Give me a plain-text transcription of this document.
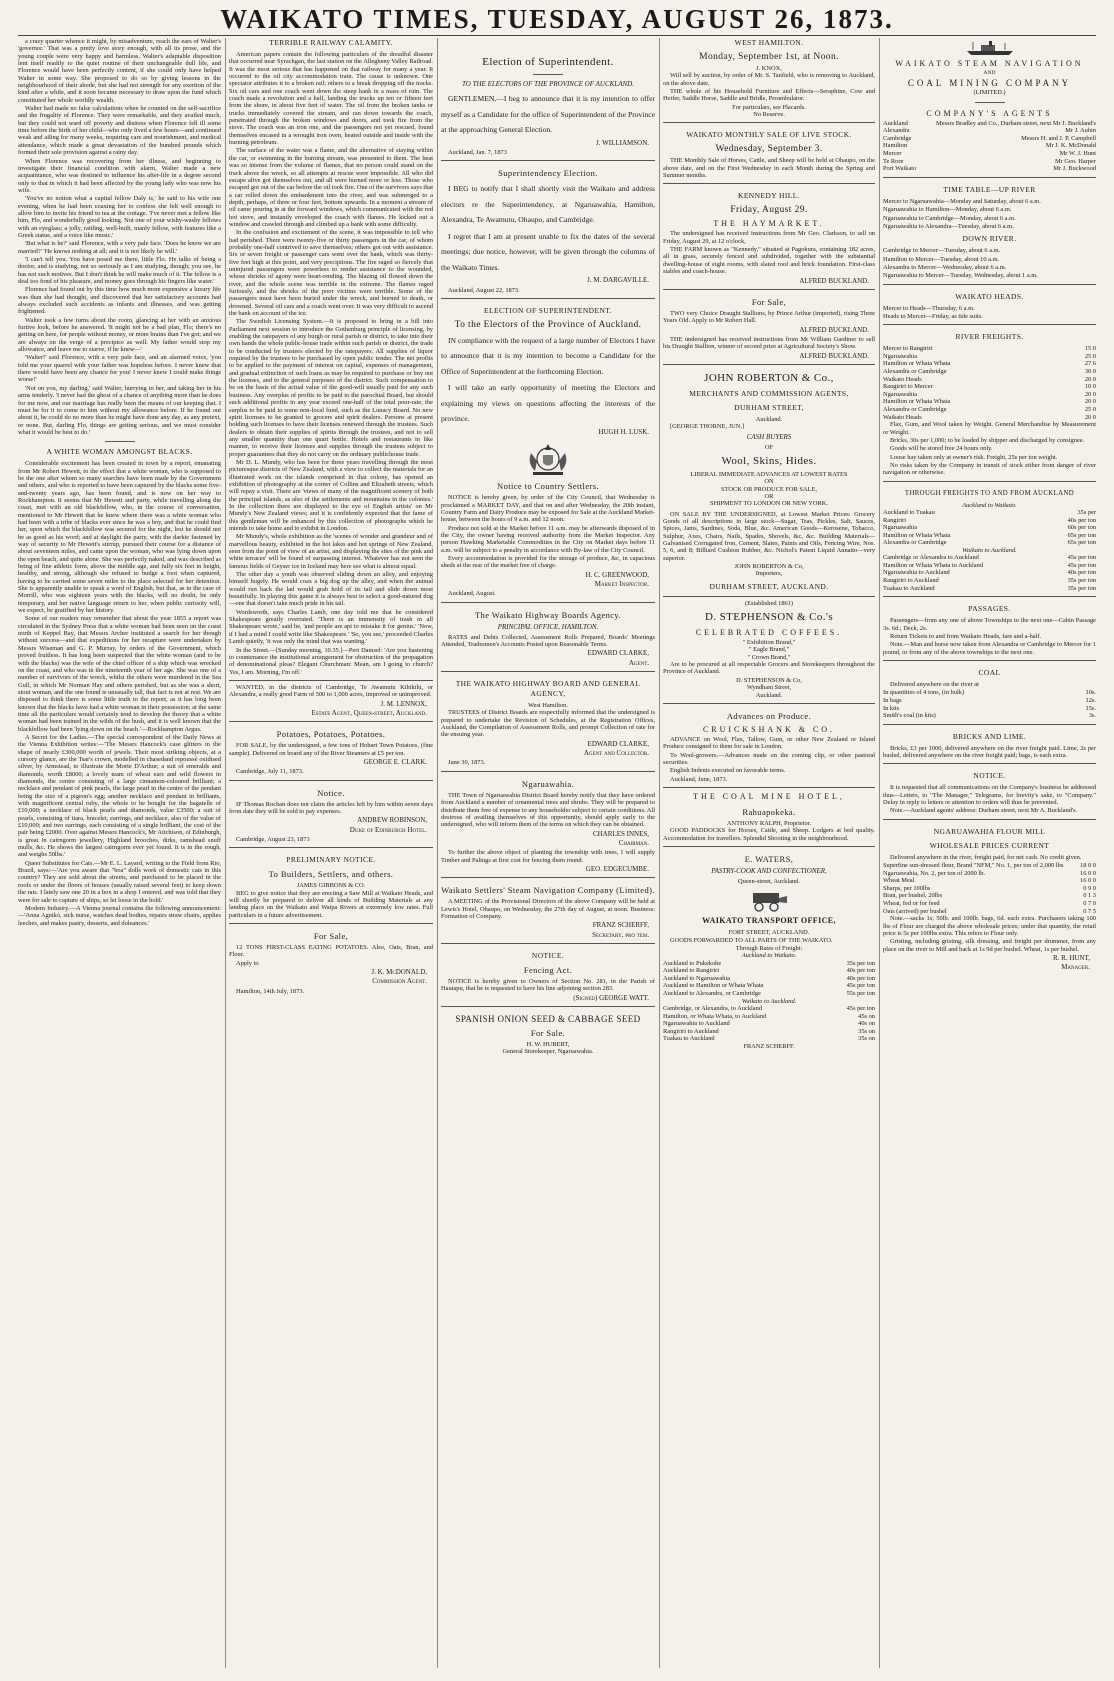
WAIKATO TIMES, TUESDAY, AUGUST 26, 1873.

a crazy quarter whence it might, by misadventure, reach the ears of Walter's 'governor.' That was a pretty love story enough, with all its prose, and the young couple were very happy and harmless. Walter's adaptable disposition lent itself readily to the quiet routine of their unchangeable dull life, and Florence would have been perfectly content, if she could only have helped Walter in some way. She proposed to do so by giving lessons in the neighbourhood of their abode, but she had not strength for any exertion of the kind after a while, and it soon became necessary to draw upon the fund which constituted her whole worldly wealth.

Walter had made no false calculations when he counted on the self-sacrifice and the frugality of Florence. They were remarkable, and they availed much, but they could not ward off poverty and distress when Florence fell ill some time before the birth of her child—who only lived a few hours—and continued weak and ailing for many weeks, requiring care and nourishment, and medical attendance, which made a great devastation of the hundred pounds which formed their sole provision against a rainy day.

When Florence was recovering from her illness, and beginning to investigate their financial condition with alarm, Walter made a new acquaintance, who was destined to influence his after-life in a degree second only to that in which it had been affected by the young lady who was now his wife.

'You've no notion what a capital fellow Daly is,' he said to his wife one evening, when he had been coaxing her to confess she felt well enough to allow him to invite his friend to tea at the cottage. 'I've never met a fellow like him, Flo, and wonderfully good looking. Not one of your wishy-washy fellows with an eyeglass; a jolly, rattling, well-built, manly fellow, with features like a Greek statue, and a voice like music.'

'But what is he?' said Florence, with a very pale face. 'Does he know we are married?' 'He knows nothing at all; and it is not likely he will.'

'I can't tell you. You have posed me there, little Flo. He talks of being a doctor, and is studying, not so seriously as I am studying, though; you see, he has not such motives. But I don't think he will make much of it. The fellow is a deal too fond of his pleasure, and money goes through his fingers like water.'

Florence had found out by this time how much more expensive a luxury life was than she had thought, and discovered that her satisfactory accounts had always excluded such accidents as infants and illnesses, and was getting frightened.

Walter took a few turns about the room, glancing at her with an anxious furtive look, before he answered. 'It might not be a bad plan, Flo; there's no getting on here, for people without money, or more brains than I've got; and we are always on the verge of a precipice as well. My father would stop my allowance, and leave me to starve, if he knew—'

'Walter!' said Florence, with a very pale face, and an alarmed voice, 'you told me your quarrel with your father was hopeless before. I never knew that there would have been any chance for you! I never knew I could make things worse!'

'Not on you, my darling,' said Walter, hurrying to her, and taking her in his arms tenderly. 'I never had the ghost of a chance of anything more than he does for me now, and our marriage has really been the means of our keeping that. I must be for it to come to him without my allowance before. If he found out about it, he could do no more than he might have done any day, as any pretext, or none. But, darling Flo, things are getting serious, and we must consider what it would be best to do.'

A WHITE WOMAN AMONGST BLACKS.

Considerable excitement has been created in town by a report, emanating from Mr Robert Hewett, to the effect that a white woman, who is supposed to be the one after whom so many searches have been made by the Government and others, and who is reported to have been captured by the blacks some five-and-twenty years ago, has been found, and is now on her way to Rockhampton. It seems that Mr Hewett and party, while travelling along the coast, met with an old blackfellow, who, in the course of conversation, mentioned to Mr Hewett that he knew where there was a white woman who had been with a tribe of blacks ever since he was a boy, and that he could find her, upon which the blackfellow was secured for the night, lest he should not be as good as his word; and at daylight the party, with the darkie fastened by way of security to Mr Hewett's stirrup, pursued their course for a distance of about seventeen miles, and came upon the woman, who was lying down upon the open beach, and quite alone. She was perfectly naked, and was described as being of fine athletic form, above the middle age, and fully six feet in height, healthy, and strong, although she refused to budge a foot when captured, having to be carried some seven miles to the place selected for her detention. She is apparently unable to speak a word of English, but that, as in the case of Morrill, who was eighteen years with the blacks, will no doubt, be only temporary, and her native language return to her, when public curiosity will, we expect, be gratified by her history.

Some of our readers may remember that about the year 1855 a report was circulated in the Sydney Press that a white woman had been seen on the coast north of Keppel Bay, that Messrs Archer instituted a search for her though without success—and that expeditions for her recapture were undertaken by Messrs Wiseman and G. P. Murray, by orders of the Government, which proved fruitless. It has long been suspected that the white woman (and to be with the blacks) was the wife of the chief officer of a ship which was wrecked on the coast, and who was in the nineteenth year of her age. She was one of a number of survivors of the wreck, whilst the others were murdered in the Sea Gull, in which Mr Norman Hay and others perished, but as she was a short, stout woman, and the one found is unusually tall, that fact is not at rest. We are disposed to think there is some little truth to the report, as it has long been known that the blacks have had a white woman in their possession; at the same time all the particulars would certainly tend to develop the theory that a white woman had been trained in the wilds of the bush, and it is well known that the blackfellow had been 'lying down on the beach.'—Rockhampton Argus.

A Secret for the Ladies.—The special correspondent of the Daily News at the Vienna Exhibition writes:—'The Messrs Hancock's case glitters in the shape of nearly £300,000 worth of jewels. Their most striking objects, at a cursory glance, are the Tsar's crown, modelled in chasedand repoussé oxidised silver, by Armstead, to illustrate the Morte D'Arthur; a suit of emeralds and diamonds, worth £8000; a lovely team of wheat ears and wild flowers in diamonds, the centre consisting of a large cinnamon-coloured brilliant; a necklace and pendant of pink pearls, the large pearl in the centre of the pendant being the size of a pigeon's egg; another necklace and pendant in brilliants, with magnificent central ruby, the whole to be bought for the bagatelle of £10,000; a necklace of black pearls and diamonds, value £3500; a suit of pearls, consisting of tiara, bracelet, earrings, and necklace, also of the value of £10,000; and two earrings, each consisting of a single brilliant, the cost of the pair being £2000. Over against Messrs Hancock's, Mr Aitchison, of Edinburgh, is great in cairngorm jewellery, Highland brooches, dirks, ramshead snuff mulls, &c. He shows the largest cairngorm ever yet found. It is in the rough, and weighs 50lbs.'

Queer Substitutes for Cats.—Mr E. L. Layard, writing to the Field from Rio, Brazil, says:—'Are you aware that "boa" dolls work of domestic cats in this country? They are sold about the streets, and purchased to be placed in the roofs or under the floors of houses (usually raised several feet) to keep down the rats. I lately saw one 20 in a box in a shop I entered, and was told that they were for sale to capture of ships, so let loose in the hold.'

Modern Industry.—A Vienna journal contains the following announcement:—'Anna Agnikó, sick nurse, watches dead bodies, repairs straw chairs, applies leeches, and makes pastry, desserts, and doleances.'

TERRIBLE RAILWAY CALAMITY.

American papers contain the following particulars of the dreadful disaster that occurred near Syrachgan, the last station on the Allegheny Valley Railroad. It was the most serious that has happened on that railway for many a year. It occurred to the oil city accommodation train. The cause is unknown. One spectator attributes it to a broken rail; others to a break dropping off the tracks. Six oil cars and one coach went down the steep bank in a mass of ruin. The coach made a revolution and a half, landing the trucks up ten or fifteen feet from the shore, in about five feet of water. The oil from the broken tanks or trucks immediately covered the stream, and ran down towards the coach, penetrated through the broken windows and doors, and took fire from the stove. The coach was an iron one, and the passengers not yet rescued, found themselves encased in a wrought iron oven, heated outside and inside with the burning petroleum.

The surface of the water was a flame, and the alternative of staying within the car, or swimming in the burning stream, was presented to them. The heat was so intense from the volume of flames, that no person could stand on the track above the wreck, so all attempts at rescue were impossible. All who did escape alive got themselves out, and all were burned more or less. Those who escaped got out of the car before the oil took fire. One of the survivors says that a car rolled down the embankment into the river, and was submerged to a depth, perhaps, of three or four feet, bottom upwards. In a moment a stream of oil came pouring in at the forward windows, which communicated with the red hot stove, and instantly enveloped the coach with flames. He kicked out a window and crawled through and climbed up a bank with some difficulty.

In the confusion and excitement of the scene, it was impossible to tell who had perished. There were twenty-five or thirty passengers in the car, of whom probably one-half contrived to save themselves; others got out with assistance. Six or seven freight or passenger cars went over the bank, which was thirty-five feet high at this point, and very precipitous. The fire raged so fiercely that uninjured passengers were powerless to render assistance to the wounded, whose shrieks of agony were heart-rending. The blazing oil flowed down the river, and the whole scene was terrible in the extreme. The flames raged furiously, and the shrieks of the poor victims were terrible. Some of the passengers must have been buried under the wreck, and burned to death, or drowned. Several oil cars and a coach went over. It was very difficult to ascend the bank on account of the ice.

The Swedish Licensing System.—It is proposed to bring in a bill into Parliament next session to introduce the Gothenburg principle of licensing, by enabling the ratepayers of any burgh or rural parish or district, to take into their own hands the whole public-house trade within such parish or district, the trade to be conducted by trustees elected by the ratepayers. All supplies of liquor required by the trustees to be purchased by open public tender. The net profits to be applied to the payment of interest on capital, expenses of management, and gradual extinction of such loans as may be required to purchase or buy out the licenses, and to the general purposes of the district. Such compensation to be on the basis of the actual value of the good-will usually paid for any such business. Any overplus of profits to be paid to the parochial Board, but should such additional profits in any year exceed one-half of the total poor-rate, the surplus to be paid to some non-local fund, such as the Lunacy Board. No new spirit licenses to be granted to grocers and spirit dealers. Persons at present holding such licenses to have their licenses renewed through the trustees. Such dealers to obtain their supplies of spirits through the trustees, and not to sell any smaller quantity than one quart bottle. Hotels and restaurants in like manner, to receive their licenses and supplies through the trustees subject to proper guarantees that they do not carry on the ordinary publichouse trade.

Mr D. L. Mundy, who has been for three years travelling through the most picturesque districts of New Zealand, with a view to collect the materials for an illustrated work on the islands comprised in that colony, has opened an exhibition of photography at the corner of Collins and Elizabeth streets, which will repay a visit. There are 'views of many of the magnificent scenery of both the principal islands, as also of the settlements and mountains in the colonies.' In the collection there are displayed to the eye of English artists' on Mr Mundy's New Zealand views; and it is confidently expected that the fame of this gentleman will be enhanced by this collection of photographs which he intends to take home and to exhibit in London.

Mr Mundy's, whole exhibition as the 'scenes of wonder and grandeur and of marvellous beauty, exhibited in the hot lakes and hot springs of New Zealand, seen from the point of view of an artist, and displaying the sites of the pink and white terraces' will be found of surpassing interest. Whatever has not seen the famous fields of Geyser ice in Iceland may here see what is almost equal.

The other day a youth was observed sliding down an alley, and enjoying himself hugely. He would coax a big dog up the alley, and when the animal would run back the lad would grab hold of its tail and slide down most beautifully. In playing this game it is always best to select a good-natured dog—one that doesn't take much pride in his tail.

Wordsworth, says Charles Lamb, one day told me that he considered Shakespeare greatly overrated. 'There is an immensity of trash in all Shakespeare wrote,' said he, 'and people are apt to mistake it for genius.' 'Now, if I had a mind I could write like Shakespeare.' 'So, you see,' proceeded Charles Lamb quietly, 'it was only the mind that was wanting.'

In the Street.—[Sunday morning, 10.35.]—Pert Damsel: 'Are you hastening to countenance the institutional arrangement for obstruction of the propagation of denominational pleas? Elegant Churchman: Mean, am I going to church? Yes, I am. Morning, I'm off.'

WANTED, in the districts of Cambridge, Te Awamutu Kihikihi, or Alexandra, a really good Farm of 500 to 1,000 acres, improved or unimproved.

J. M. LENNOX,
Estate Agent, Queen-street, Auckland.
Potatoes, Potatoes, Potatoes.

FOR SALE, by the undersigned, a few tons of Hobart Town Potatoes, (fine sample). Delivered on board any of the River Steamers at £5 per ton.

GEORGE E. CLARK.

Cambridge, July 11, 1873.

Notice.

IF Thomas Rochan does not claim the articles left by him within seven days from date they will be sold to pay expenses.

ANDREW ROBINSON,
Duke of Edinburgh Hotel.

Cambridge, August 23, 1873

PRELIMINARY NOTICE.
To Builders, Settlers, and others.
JAMES GIBBONS & CO.

BEG to give notice that they are erecting a Saw Mill at Waikato Heads, and will shortly be prepared to deliver all kinds of Building Materials at any landing place on the Waikato and Waipa Rivers at extremely low rates. Full particulars in a future advertisement.

For Sale,

12 TONS FIRST-CLASS EATING POTATOES. Also, Oats, Bran, and Flour.

Apply to

J. K. McDONALD,
Commission Agent.

Hamilton, 14th July, 1873.

Election of Superintendent.
TO THE ELECTORS OF THE PROVINCE OF AUCKLAND.

GENTLEMEN,—I beg to announce that it is my intention to offer myself as a Candidate for the office of Superintendent of the Province at the approaching General Election.

J. WILLIAMSON.

Auckland, Jan. 7, 1873

Superintendency Election.

I BEG to notify that I shall shortly visit the Waikato and address electors re the Superintendency, at Ngaruawahia, Hamilton, Alexandra, Te Awamutu, Ohaupo, and Cambridge.

I regret that I am at present unable to fix the dates of the several meetings; due notice, however, will be given through the columns of the Waikato Times.

J. M. DARGAVILLE.

Auckland, August 22, 1873.

ELECTION OF SUPERINTENDENT.
To the Electors of the Province of Auckland.

IN compliance with the request of a large number of Electors I have to announce that it is my intention to become a Candidate for the Office of Superintendent at the forthcoming Election.

I will take an early opportunity of meeting the Electors and explaining my views on questions affecting the interests of the province.

HUGH H. LUSK.
Notice to Country Settlers.

NOTICE is hereby given, by order of the City Council, that Wednesday is proclaimed a MARKET DAY, and that on and after Wednesday, the 20th instant, Country Farm and Dairy Produce may be exposed for Sale at the Auckland Market-house, between the hours of 9 a.m. and 12 noon.

Produce not sold at the Market before 11 a.m. may be afterwards disposed of in the City, the owner having received authority from the Market Inspector. Any person Hawking Marketable Commodities in the City on Market days before 11 a.m. will be subject to a penalty in accordance with By-law of the City Council.

Every accommodation is provided for the storage of produce, &c, in capacious sheds at the rear of the market free of charge.

H. C. GREENWOOD,
Market Inspector.

Auckland, August.

The Waikato Highway Boards Agency.
PRINCIPAL OFFICE, HAMILTON.

RATES and Debts Collected, Assessment Rolls Prepared, Boards' Meetings Attended, Tradesmen's Accounts Posted upon Reasonable Terms.

EDWARD CLARKE,
Agent.
THE WAIKATO HIGHWAY BOARD AND GENERAL AGENCY,
West Hamilton.

TRUSTEES of District Boards are respectfully informed that the undersigned is prepared to undertake the Revision of Schedules, at the Registration Offices, Auckland, the Compilation of Assessment Rolls, and prompt Collection of rate for the ensuing year.

EDWARD CLARKE,
Agent and Collector.

June 30, 1873.

Ngaruawahia.

THE Town of Ngaruawahia District Board hereby notify that they have ordered from Auckland a number of ornamental trees and shrubs. They will be prepared to distribute them free of expense to any householder subject to certain conditions. All desirous of availing themselves of this opportunity, should apply early to the undersigned, who will inform them of the terms on which they can be obtained.

CHARLES INNES,
Chairman.

To further the above object of planting the township with trees, I will supply Timber and Palings at first cost for fencing them round.

GEO. EDGECUMBE.
Waikato Settlers' Steam Navigation Company (Limited).

A MEETING of the Provisional Directors of the above Company will be held at Lewis's Hotel, Ohaupo, on Wednesday, the 27th day of August, at noon. Business: Formation of Company.

FRANZ SCHERFF,
Secretary, pro tem.
NOTICE.
Fencing Act.

NOTICE is hereby given to Owners of Section No. 281, in the Parish of Hautapu, that he is requested to have his line adjoining section 283.

(Signed) GEORGE WATT.
SPANISH ONION SEED & CABBAGE SEED
For Sale.
H. W. HUBERT,
General Storekeeper, Ngaruawahia.
WEST HAMILTON.
Monday, September 1st, at Noon.
J. KNOX,

Will sell by auction, by order of Mr. S. Tanfield, who is removing to Auckland, on the above date,

THE whole of his Household Furniture and Effects—Seraphine, Cow and Heifer, Saddle Horse, Saddle and Bridle, Perambulator.

For particulars, see Placards.
No Reserve.
WAIKATO MONTHLY SALE OF LIVE STOCK.
Wednesday, September 3.

THE Monthly Sale of Horses, Cattle, and Sheep will be held at Ohaupo, on the above date, and on the First Wednesday in each Month during the Spring and Summer months.

KENNEDY HILL.
Friday, August 29.
THE HAYMARKET.

The undersigned has received instructions from Mr Geo. Clarkson, to sell on Friday, August 29, at 12 o'clock,

THE FARM known as "Kennedy," situated at Pagokura, containing 182 acres, all in grass, securely fenced and subdivided, together with the substantial dwelling-house of eight rooms, with slated roof and brick foundation. First-class stables and coach-house.

ALFRED BUCKLAND.
For Sale,

TWO very Choice Draught Stallions, by Prince Arthur (imported), rising Three Years Old. Apply to Mr Robert Hall.

ALFRED BUCKLAND.

THE undersigned has received instructions from Mr William Gardiner to sell his Draught Stallion, winner of second prize at Agricultural Society's Show.

ALFRED BUCKLAND.
JOHN ROBERTON & Co.,
MERCHANTS AND COMMISSION AGENTS,
DURHAM STREET,
Auckland.

[GEORGE THORNE, JUN.]

CASH BUYERS
OF
Wool, Skins, Hides.
LIBERAL IMMEDIATE ADVANCES AT LOWEST RATES
ON
STOCK OR PRODUCE FOR SALE,
OR
SHIPMENT TO LONDON OR NEW YORK.

ON SALE BY THE UNDERSIGNED, at Lowest Market Prices: Grocery Goods of all descriptions in large stock—Sugar, Teas, Pickles, Salt, Sauces, Spices, Jams, Sardines, Soda, Blue, &c. American Goods—Kerosene, Tobacco, Sulphur, Axes, Chairs, Nails, Spades, Shovels, &c, &c. Building Materials—Galvanised Corrugated Iron, Cement, Slates, Paints and Oils, Fencing Wire, Nos. 5, 6, and 8; Billiard Cushion Rubber, &c. Nichol's Patent Liquid Annatto—very superior.

JOHN ROBERTON & Co,
Importers,
DURHAM STREET, AUCKLAND.
(Established 1861)
D. STEPHENSON & Co.'s
CELEBRATED COFFEES.
" Exhibition Brand,"
" Eagle Brand,"
" Crown Brand,"

Are to be procured at all respectable Grocers and Storekeepers throughout the Province of Auckland.

D. STEPHENSON & Co,
Wyndham Street,
Auckland.
Advances on Produce.
CRUICKSHANK & CO.

ADVANCE on Wool, Flax, Tallow, Gum, or other New Zealand or Island Produce consigned to them for sale in London.

To Wool-growers.—Advances made on the coming clip, or other pastoral securities.

English Indents executed on favorable terms.

Auckland, June, 1873.

THE COAL MINE HOTEL,
Rahuapokeka.
ANTHONY RALPH, Proprietor.

GOOD PADDOCKS for Horses, Cattle, and Sheep. Lodgers at bed quality. Accommodation for travellers. Splendid Shooting in the neighbourhood.

E. WATERS,
PASTRY-COOK AND CONFECTIONER,
Queen-street, Auckland.
WAIKATO TRANSPORT OFFICE,
FORT STREET, AUCKLAND.

GOODS FORWARDED TO ALL PARTS OF THE WAIKATO.

Through Rates of Freight:
Auckland to Waikato.
Auckland to Pukekohe	35s per ton
Auckland to Rangiriri	40s per ton
Auckland to Ngaruawahia	40s per ton
Auckland to Hamilton or Whata Whata	45s per ton
Auckland to Alexandra, or Cambridge	55s per ton
Waikato to Auckland.
Cambridge, or Alexandra, to Auckland	45s per ton
Hamilton, or Whata Whata, to Auckland	45s on
Ngaruawahia to Auckland	40s on
Rangiriri to Auckland	35s on
Tuakau to Auckland	35s on
FRANZ SCHERFF.
WAIKATO STEAM NAVIGATION
AND
COAL MINING COMPANY
(LIMITED.)
COMPANY'S AGENTS
Auckland	Messrs Bradley and Co., Durham street, next Mr J. Buckland's
Alexandra	Mr J. Aubin
Cambridge	Messrs H. and J. P. Campbell
Hamilton	Mr J. K. McDonald
Mercer	Mr W. J. Hunt
Te Rore	Mr Geo. Harper
Port Waikato	Mr J. Buckwood
TIME TABLE—UP RIVER

Mercer to Ngaruawahia—Monday and Saturday, about 6 a.m.

Ngaruawahia to Hamilton—Monday, about 6 a.m.

Ngaruawahia to Cambridge—Monday, about 6 a.m.

Ngaruawahia to Alexandra—Tuesday, about 6 a.m.

DOWN RIVER.

Cambridge to Mercer—Tuesday, about 6 a.m.

Hamilton to Mercer—Tuesday, about 10 a.m.

Alexandra to Mercer—Wednesday, about 6 a.m.

Ngaruawahia to Mercer—Tuesday, Wednesday, about 1 a.m.

WAIKATO HEADS.

Mercer to Heads—Thursday, 6 a.m.

Heads to Mercer—Friday, as tide suits.

RIVER FREIGHTS.
Mercer to Rangiriri	15 0
Ngaruawahia	25 0
Hamilton or Whata Whata	27 6
Alexandra or Cambridge	30 0
Waikato Heads	20 0
Rangiriri to Mercer	10 0
Ngaruawahia	20 0
Hamilton or Whata Whata	20 0
Alexandra or Cambridge	25 0
Waikato Heads	20 0

Flax, Gum, and Wool taken by Weight. General Merchandise by Measurement or Weight.

Bricks, 30s per 1,000; to be loaded by shipper and discharged by consignee.

Goods will be stored free 24 hours only.

Loose hay taken only at owner's risk. Freight, 25s per ton weight.

No risks taken by the Company in transit of stock either from danger of river navigation or otherwise.

THROUGH FREIGHTS TO AND FROM AUCKLAND
Auckland to Waikato.
Auckland to Tuakau	35s per
Rangiriri	40s per ton
Ngaruawahia	60s per ton
Hamilton or Whata Whata	65s per ton
Alexandra or Cambridge	65s per ton
Waikato to Auckland.
Cambridge or Alexandra to Auckland	45s per ton
Hamilton or Whata Whata to Auckland	45s per ton
Ngaruawahia to Auckland	40s per ton
Rangiriri to Auckland	35s per ton
Tuakau to Auckland	35s per ton
PASSAGES.

Passengers—from any one of above Townships to the next one—Cabin Passage 3s. 6d.; Deck, 2s.

Return Tickets to and from Waikato Heads, fare and a-half.

Note.—Man and horse now taken from Alexandra or Cambridge to Mercer for 1 pound, or from any of the above townships to the next one.

COAL

Delivered anywhere on the river at

In quantities of 4 tons, (in bulk)	10s.
In bags	12s.
In kits	15s.
Smith's coal (in kits)	3s.
BRICKS AND LIME.

Bricks, £3 per 1000, delivered anywhere on the river freight paid. Lime, 2s per bushel, delivered anywhere on the river freight paid; bags, is each extra.

NOTICE.

It is requested that all communications on the Company's business be addressed thus—Letters, to "The Manager," Telegrams, for brevity's sake, to "Company." Delay in reply to letters or attention to orders will thus be prevented.

Note.—Auckland agents' address: Durham street, next Mr A. Buckland's.

NGARUAWAHIA FLOUR MILL
WHOLESALE PRICES CURRENT

Delivered anywhere in the river, freight paid, for net cash. No credit given.

Superfine sun-dressed flour, Brand "NFM," No. 1, per ton of 2,000 lbs	18 0 0
Ngaruawahia, No. 2, per ton of 2000 lb.	16 0 0
Wheat Meal	16 0 0
Sharps, per 100lbs	0 9 0
Bran, per bushel, 20lbs	0 1 3
Wheat, fed or for feed	0 7 0
Oats (arrived) per bushel	0 7 5

Note.—sacks 1s; 50lb. and 100lb. bags, 6d. each extra. Purchasers taking 100 lbs of Flour are charged the above wholesale prices; under that quantity, the retail price is 5s per 100lbs extra. This refers to Flour only.

Gristing, including gristing, silk dressing, and freight per drummer, from any place on the river to Mill and back at 1s 9d per bushel. Wheat, 1s per bushel.

R. R. HUNT,
Manager.
